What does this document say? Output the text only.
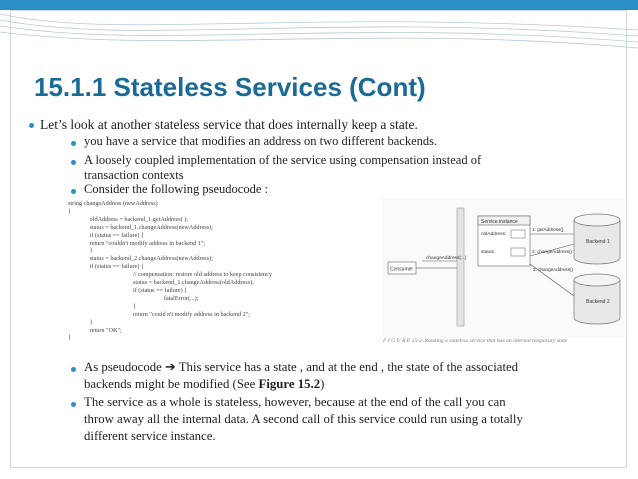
15.1.1 Stateless Services (Cont)
Let’s look at another stateless service that does internally keep a state.
you have a service that modifies an address on two different backends.
A loosely coupled implementation of the service using compensation instead of
transaction contexts
Consider the following pseudocode :
string changeAddress (newAddress)
{
oldAddress = backend_1.getAddress( );
status = backend_1.changeAddress(newAddress);
if (status == failure) {
return "couldn't modify address in backend 1";
}
status = backend_2.changeAddress(newAddress);
if (status == failure) {
// compensation: restore old address to keep consistency
status = backend_1.changeAddress(oldAddress);
if (status == failure) {
fatalError(...);
}
return "could n't modify address in backend 2";
}
return "OK";
}
Consumer
changeAddress(...)
Service instance
oldAddress:
status:
1: getAddress()
2: changeAddress()
3: changeAddress()
Backend 1
Backend 2
F I G U R E 15-2. Running a stateless service that has an internal temporary state
As pseudocode ➔ This service has a state , and at the end , the state of the associated
backends might be modified (See Figure 15.2)
The service as a whole is stateless, however, because at the end of the call you can
throw away all the internal data. A second call of this service could run using a totally
different service instance.
